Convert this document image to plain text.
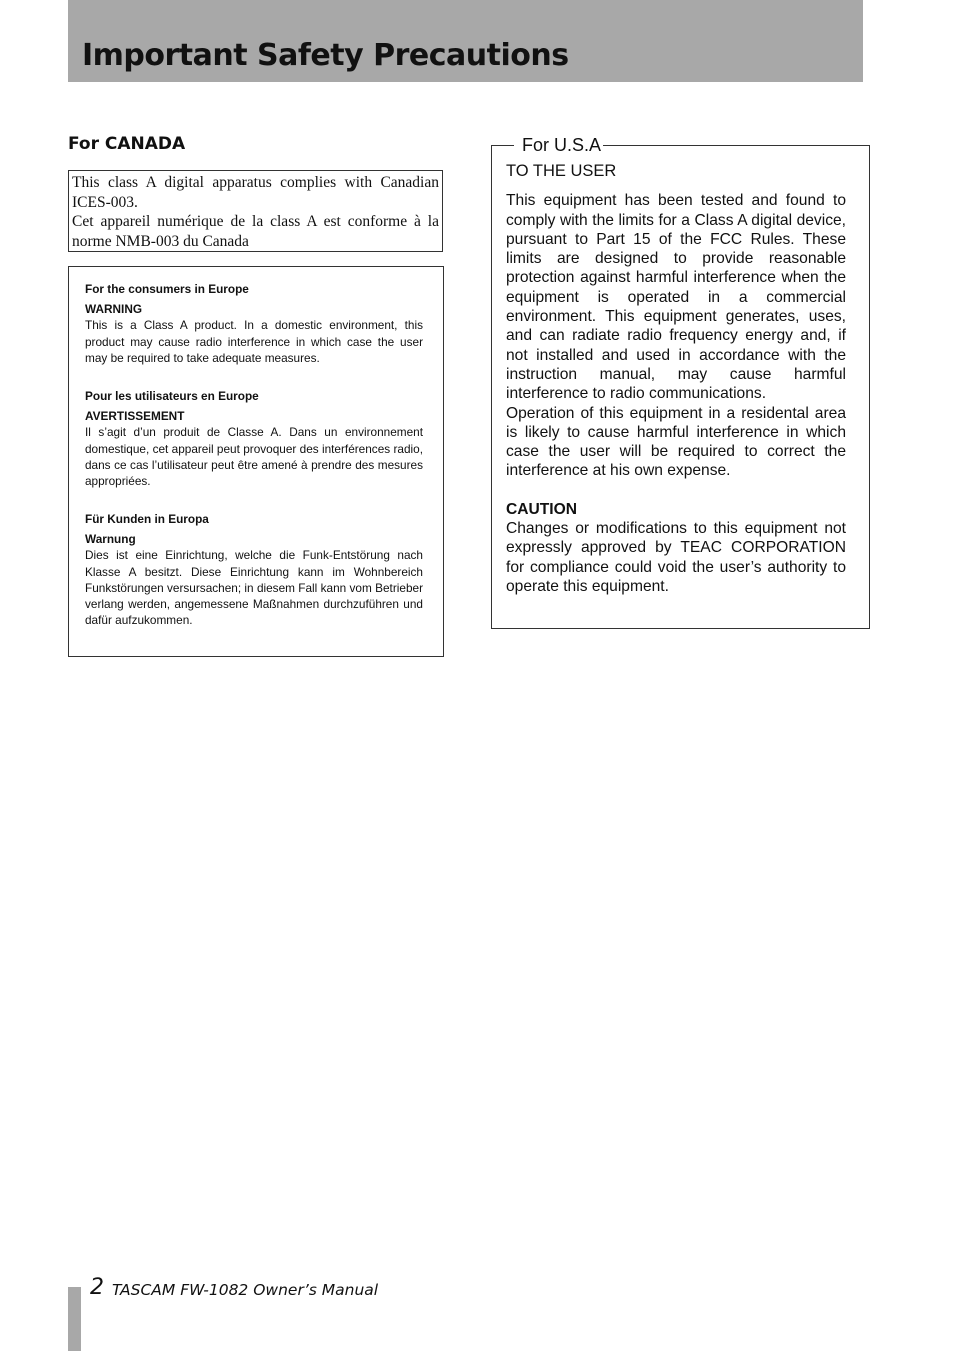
Important Safety Precautions
For CANADA

This class A digital apparatus complies with Canadian ICES-003.

Cet appareil numérique de la class A est conforme à la norme NMB-003 du Canada

For the consumers in Europe

WARNING

This is a Class A product. In a domestic environment, this product may cause radio interference in which case the user may be required to take adequate measures.

Pour les utilisateurs en Europe

AVERTISSEMENT

Il s’agit d’un produit de Classe A. Dans un environnement domestique, cet appareil peut provoquer des interférences radio, dans ce cas l’utilisateur peut être amené à prendre des mesures appropriées.

Für Kunden in Europa

Warnung

Dies ist eine Einrichtung, welche die Funk-Entstörung nach Klasse A besitzt. Diese Einrichtung kann im Wohnbereich Funkstörungen versursachen; in diesem Fall kann vom Betrieber verlang werden, angemessene Maßnahmen durchzuführen und dafür aufzukommen.

For U.S.A

TO THE USER

This equipment has been tested and found to comply with the limits for a Class A digital device, pursuant to Part 15 of the FCC Rules. These limits are designed to provide reasonable protection against harmful interference when the equipment is operated in a commercial environment. This equipment generates, uses, and can radiate radio frequency energy and, if not installed and used in accordance with the instruction manual, may cause harmful interference to radio communications.

Operation of this equipment in a residental area is likely to cause harmful interference in which case the user will be required to correct the interference at his own expense.

CAUTION

Changes or modifications to this equipment not expressly approved by TEAC CORPORATION for compliance could void the user’s authority to operate this equipment.

2 TASCAM FW-1082 Owner’s Manual
